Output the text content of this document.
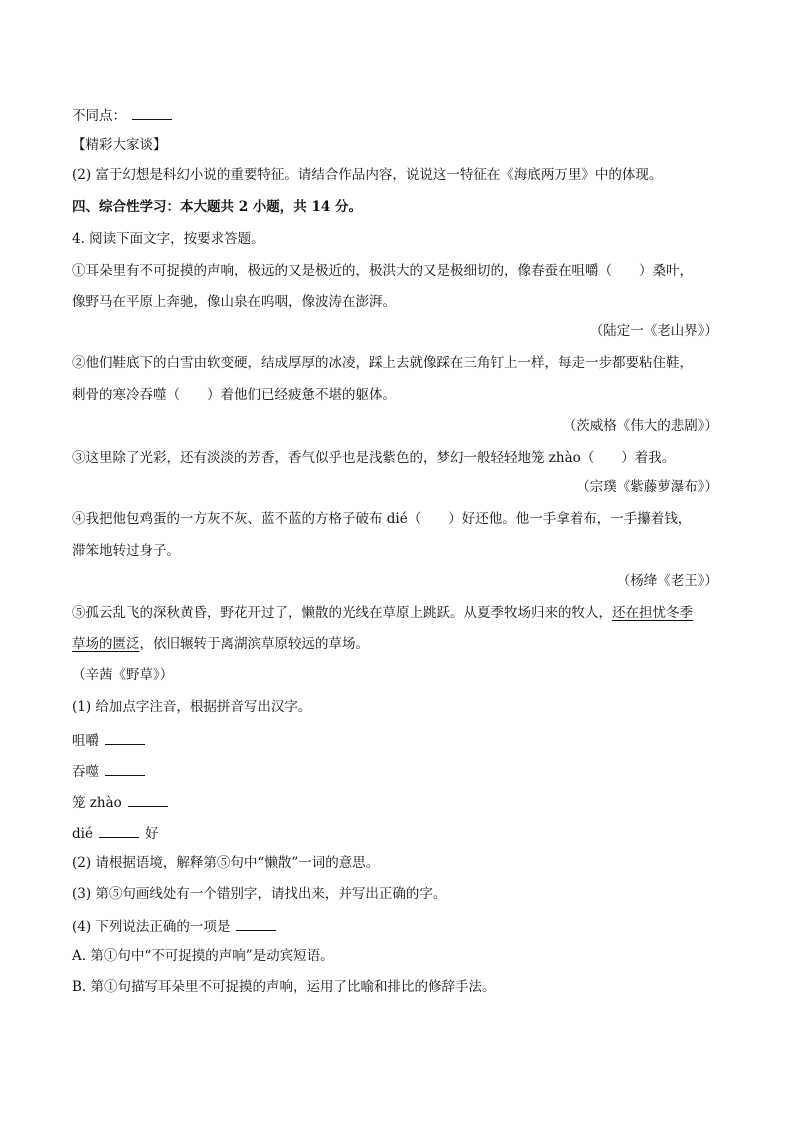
不同点：
【精彩大家谈】
(2) 富于幻想是科幻小说的重要特征。请结合作品内容，说说这一特征在《海底两万里》中的体现。
四、综合性学习：本大题共 2 小题，共 14 分。
4. 阅读下面文字，按要求答题。
①耳朵里有不可捉摸的声响，极远的又是极近的，极洪大的又是极细切的，像春蚕在咀嚼（　　）桑叶，
像野马在平原上奔驰，像山泉在呜咽，像波涛在澎湃。
（陆定一《老山界》）
②他们鞋底下的白雪由软变硬，结成厚厚的冰凌，踩上去就像踩在三角钉上一样，每走一步都要粘住鞋，
刺骨的寒冷吞噬（　　）着他们已经疲惫不堪的躯体。
（茨威格《伟大的悲剧》）
③这里除了光彩，还有淡淡的芳香，香气似乎也是浅紫色的，梦幻一般轻轻地笼 zhào（　　）着我。
（宗璞《紫藤萝瀑布》）
④我把他包鸡蛋的一方灰不灰、蓝不蓝的方格子破布 dié（　　）好还他。他一手拿着布，一手攥着钱，
滞笨地转过身子。
（杨绛《老王》）
⑤孤云乱飞的深秋黄昏，野花开过了，懒散的光线在草原上跳跃。从夏季牧场归来的牧人，还在担忧冬季
草场的匮泛，依旧辗转于离湖滨草原较远的草场。
（辛茜《野草》）
(1) 给加点字注音，根据拼音写出汉字。
咀嚼
吞噬
笼 zhào
dié	好
(2) 请根据语境，解释第⑤句中“懒散”一词的意思。
(3) 第⑤句画线处有一个错别字，请找出来，并写出正确的字。
(4) 下列说法正确的一项是
A. 第①句中“不可捉摸的声响”是动宾短语。
B. 第①句描写耳朵里不可捉摸的声响，运用了比喻和排比的修辞手法。
